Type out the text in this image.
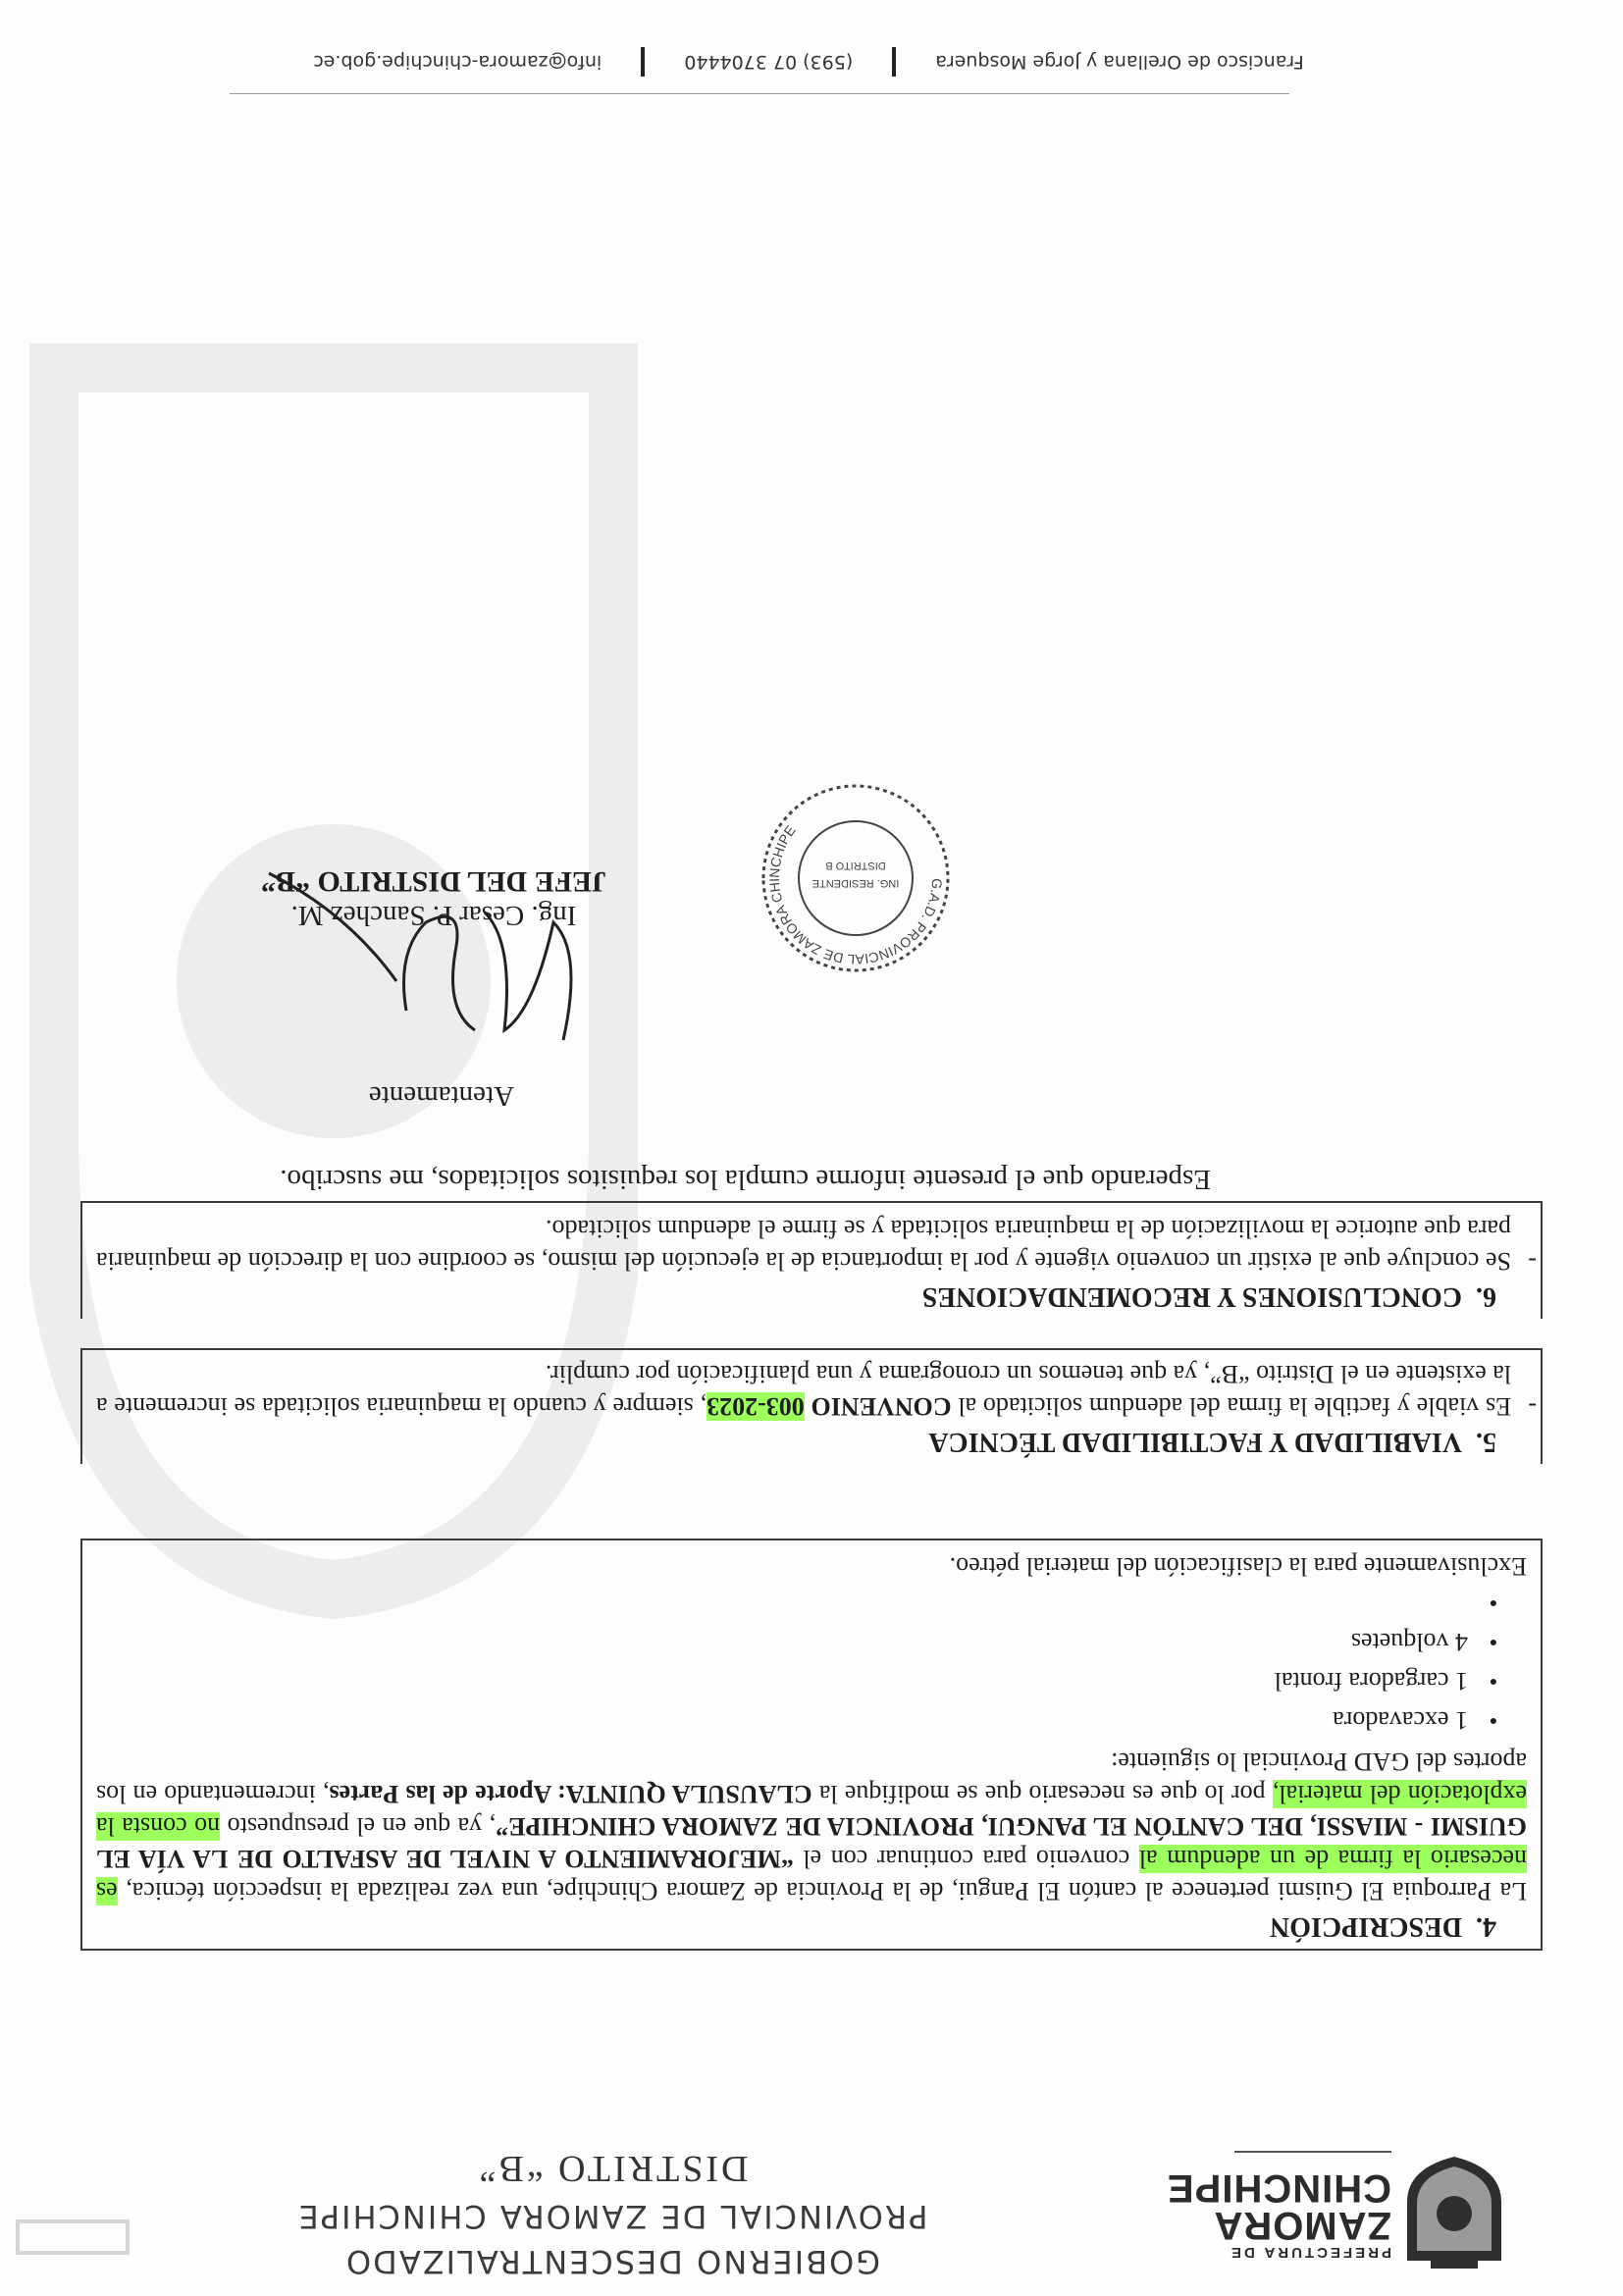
PREFECTURA DE
ZAMORA
CHINCHIPE
GOBIERNO DESCENTRALIZADO
PROVINCIAL DE ZAMORA CHINCHIPE
DISTRITO “B”
4.DESCRIPCIÓN
La Parroquia El Guismi pertenece al cantón El Pangui, de la Provincia de Zamora Chinchipe, una vez realizada la inspección técnica, es necesario la firma de un adendum al convenio para continuar con el “MEJORAMIENTO A NIVEL DE ASFALTO DE LA VÍA EL GUISMI - MIASSI, DEL CANTÓN EL PANGUI, PROVINCIA DE ZAMORA CHINCHIPE”, ya que en el presupuesto no consta la explotación del material, por lo que es necesario que se modifique la CLAUSULA QUINTA: Aporte de las Partes, incrementando en los aportes del GAD Provincial lo siguiente:
● 1 excavadora
● 1 cargadora frontal
● 4 volquetes
●
Exclusivamente para la clasificación del material pétreo.
5.VIABILIDAD Y FACTIBILIDAD TÉCNICA
-
Es viable y factible la firma del adendum solicitado al CONVENIO 003-2023, siempre y cuando la maquinaria solicitada se incremente a la existente en el Distrito “B”, ya que tenemos un cronograma y una planificación por cumplir.
6.CONCLUSIONES Y RECOMENDACIONES
-
Se concluye que al existir un convenio vigente y por la importancia de la ejecución del mismo, se coordine con la dirección de maquinaria para que autorice la movilización de la maquinaria solicitada y se firme el adendum solicitado.
Esperando que el presente informe cumpla los requisitos solicitados, me suscribo.
Atentamente
Ing. Cesar P. Sanchez M.
JEFE DEL DISTRITO “B”	G.A.D. PROVINCIAL DE ZAMORA CHINCHIPE
ING. RESIDENTE
DISTRITO B
Francisco de Orellana y Jorge Mosquera
(593) 07 3704440
info@zamora-chinchipe.gob.ec
